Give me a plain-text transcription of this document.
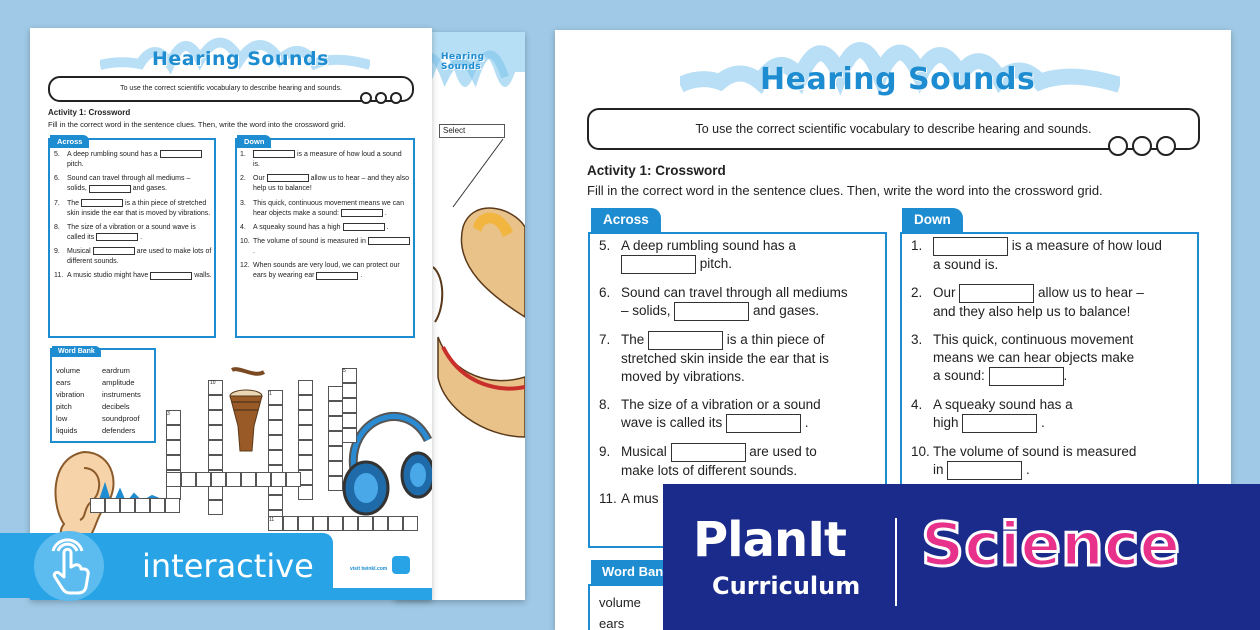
Hearing Sounds
Select
Hearing Sounds
To use the correct scientific vocabulary to describe hearing and sounds.
Activity 1: Crossword
Fill in the correct word in the sentence clues. Then, write the word into the crossword grid.
Across	Down
Word Bank
visit twinkl.com
5. A deep rumbling sound has a  pitch.
6. Sound can travel through all mediums – solids,	and gases.
7. The	is a thin piece of stretched skin inside the ear that is moved by vibrations.
8. The size of a vibration or a sound wave is called its	.
9. Musical	are used to make lots of different sounds.
11. A music studio might have	walls.
1.	is a measure of how loud a sound is.
2. Our	allow us to hear – and they also help us to balance!
3. This quick, continuous movement means we can hear objects make a sound:	.
4. A squeaky sound has a high	.
10. The volume of sound is measured in  .
12. When sounds are very loud, we can protect our ears by wearing ear	.
volume	eardrum
ears	amplitude
vibration instruments
pitch	decibels
low	soundproof
liquids	defenders
10
5
3
1
11
Hearing Sounds
To use the correct scientific vocabulary to describe hearing and sounds.
Activity 1: Crossword
Fill in the correct word in the sentence clues. Then, write the word into the crossword grid.
Across	Down
Word Ban
volume
ears
5. A deep rumbling sound has a
pitch.
6. Sound can travel through all mediums
– solids,	and gases.
7. The	is a thin piece of
stretched skin inside the ear that is
moved by vibrations.
8. The size of a vibration or a sound
wave is called its	.
9. Musical	are used to
make lots of different sounds.
11. A mus
1.	is a measure of how loud
a sound is.
2. Our	allow us to hear –
and they also help us to balance!
3. This quick, continuous movement
means we can hear objects make
a sound:	.
4. A squeaky sound has a
high	.
10. The volume of sound is measured
in	.
interactive	PlanIt
Curriculum
Science
